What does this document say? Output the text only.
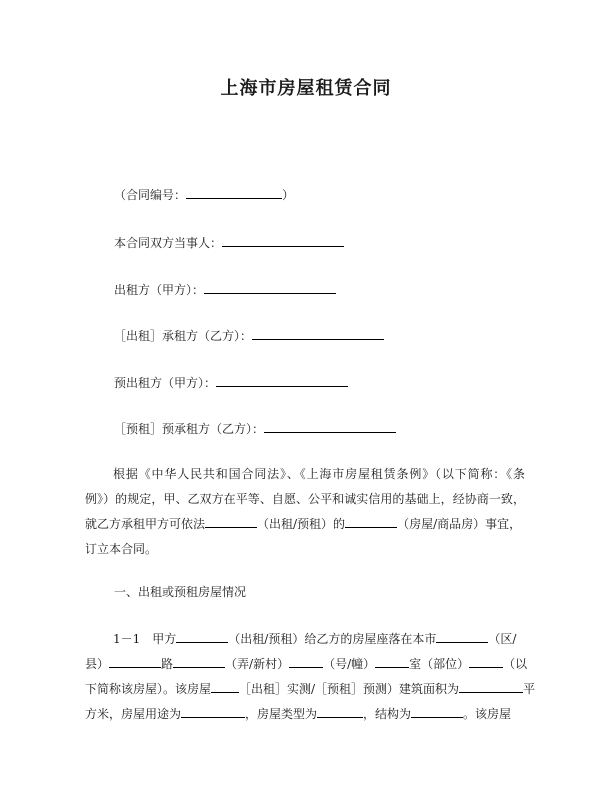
上海市房屋租赁合同
（合同编号：	）
本合同双方当事人：
出租方（甲方）：
［出租］承租方（乙方）：
预出租方（甲方）：
［预租］预承租方（乙方）：
根据《中华人民共和国合同法》、《上海市房屋租赁条例》（以下简称：《条
例》）的规定，甲、乙双方在平等、自愿、公平和诚实信用的基础上，经协商一致，
就乙方承租甲方可依法	（出租/预租）的	（房屋/商品房）事宜，
订立本合同。
一、出租或预租房屋情况
1－1　甲方	（出租/预租）给乙方的房屋座落在本市	（区/
县）	路	（弄/新村）	（号/幢）	室（部位）	（以
下简称该房屋）。该房屋 ［出租］实测/［预租］预测）建筑面积为	平
方米，房屋用途为	，房屋类型为	，结构为	。该房屋
